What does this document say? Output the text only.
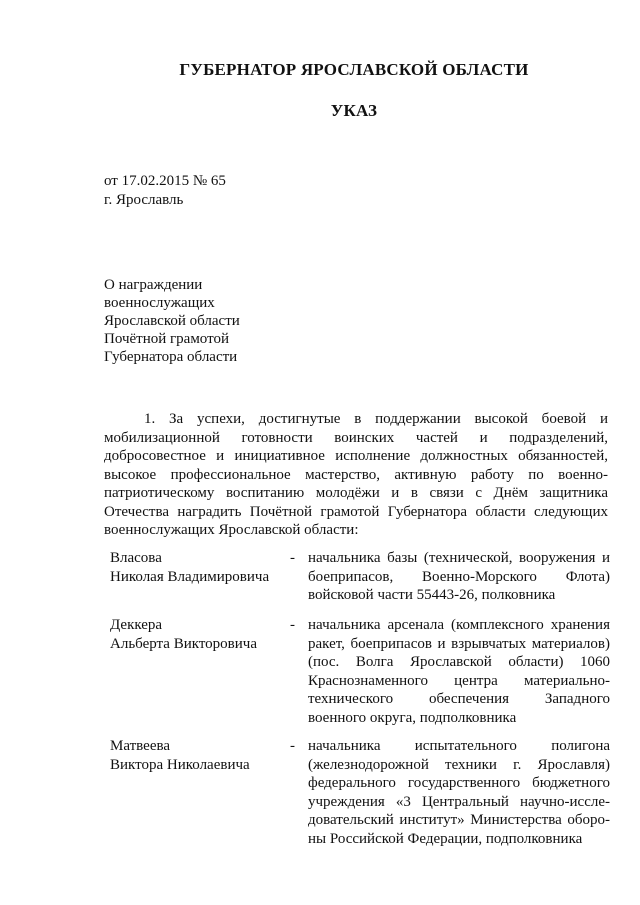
ГУБЕРНАТОР ЯРОСЛАВСКОЙ ОБЛАСТИ
УКАЗ
от 17.02.2015 № 65
г. Ярославль
О награждении
военнослужащих
Ярославской области
Почётной грамотой
Губернатора области
1. За успехи, достигнутые в поддержании высокой боевой и
мобилизационной готовности воинских частей и подразделений,
добросовестное и инициативное исполнение должностных обязанностей,
высокое профессиональное мастерство, активную работу по военно-
патриотическому воспитанию молодёжи и в связи с Днём защитника
Отечества наградить Почётной грамотой Губернатора области следующих
военнослужащих Ярославской области:
Власова
Николая Владимировича
- начальника базы (технической, вооружения и
боеприпасов, Военно-Морского Флота)
войсковой части 55443-26, полковника
Деккера
Альберта Викторовича
- начальника арсенала (комплексного хранения
ракет, боеприпасов и взрывчатых материалов)
(пос. Волга Ярославской области) 1060
Краснознаменного центра материально-
технического обеспечения Западного
военного округа, подполковника
Матвеева
Виктора Николаевича
- начальника испытательного полигона
(железнодорожной техники г. Ярославля)
федерального государственного бюджетного
учреждения «3 Центральный научно-иссле-
довательский институт» Министерства оборо-
ны Российской Федерации, подполковника
